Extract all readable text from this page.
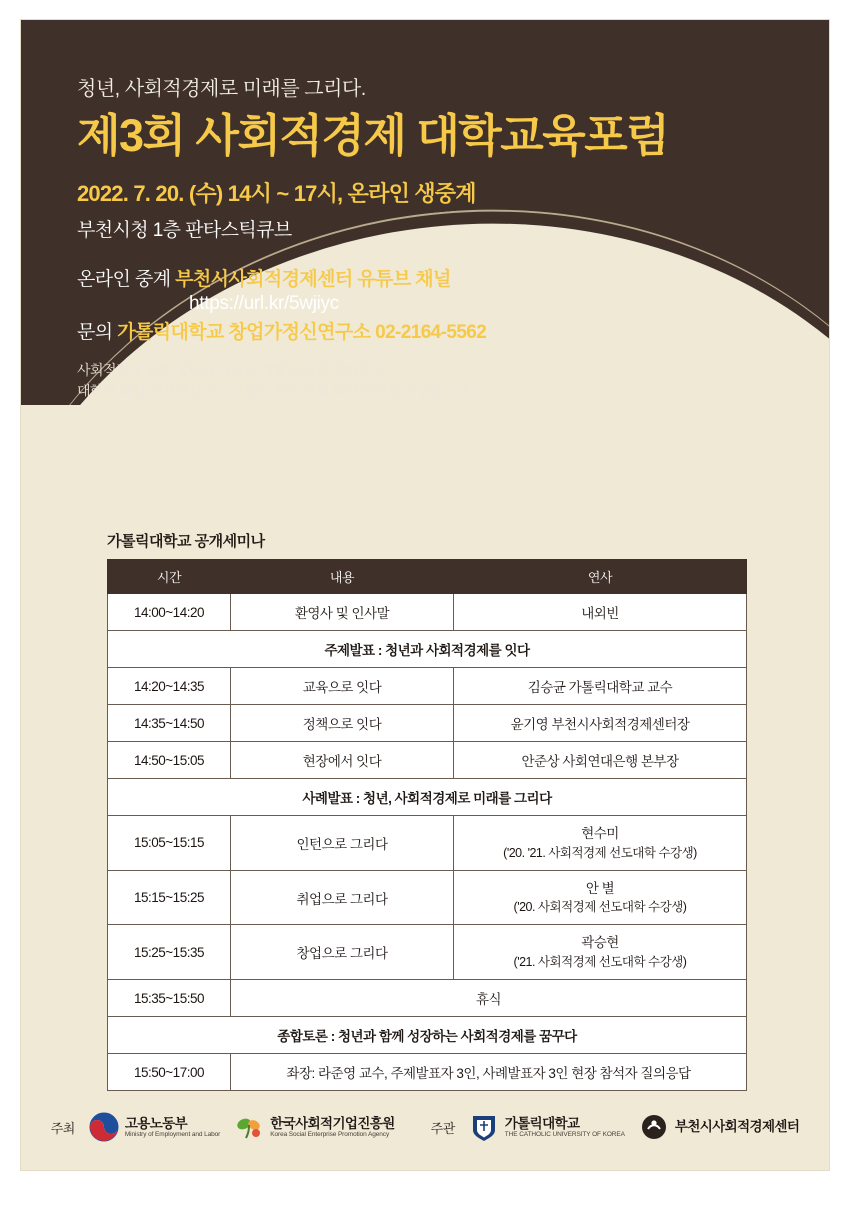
청년, 사회적경제로 미래를 그리다.
제3회 사회적경제 대학교육포럼
2022. 7. 20. (수) 14시 ~ 17시, 온라인 생중계
부천시청 1층 판타스틱큐브
온라인 중계 부천시사회적경제센터 유튜브 채널
https://url.kr/5wjiyc
문의 가톨릭대학교 창업가정신연구소 02-2164-5562
사회적경제 진출 청년의 커리어 개발 과정을 살펴보고
대학생 대상 인재양성 프로그램의 우수 모델 확산 방안을 구상합니다.
가톨릭대학교 공개세미나
시간	내용	연사
14:00~14:20	환영사 및 인사말	내외빈
주제발표 : 청년과 사회적경제를 잇다		
14:20~14:35	교육으로 잇다	김승균 가톨릭대학교 교수
14:35~14:50	정책으로 잇다	윤기영 부천시사회적경제센터장
14:50~15:05	현장에서 잇다	안준상 사회연대은행 본부장
사례발표 : 청년, 사회적경제로 미래를 그리다		
15:05~15:15	인턴으로 그리다	현수미
('20. '21. 사회적경제 선도대학 수강생)

15:15~15:25	취업으로 그리다	안 별
('20. 사회적경제 선도대학 수강생)

15:25~15:35	창업으로 그리다	곽승현
('21. 사회적경제 선도대학 수강생)

15:35~15:50	휴식	
종합토론 : 청년과 함께 성장하는 사회적경제를 꿈꾸다		
15:50~17:00	좌장: 라준영 교수, 주제발표자 3인, 사례발표자 3인 현장 참석자 질의응답	
주최	고용노동부
Ministry of Employment and Labor
한국사회적기업진흥원
Korea Social Enterprise Promotion Agency	주관	가톨릭대학교
THE CATHOLIC UNIVERSITY OF KOREA
부천시사회적경제센터
